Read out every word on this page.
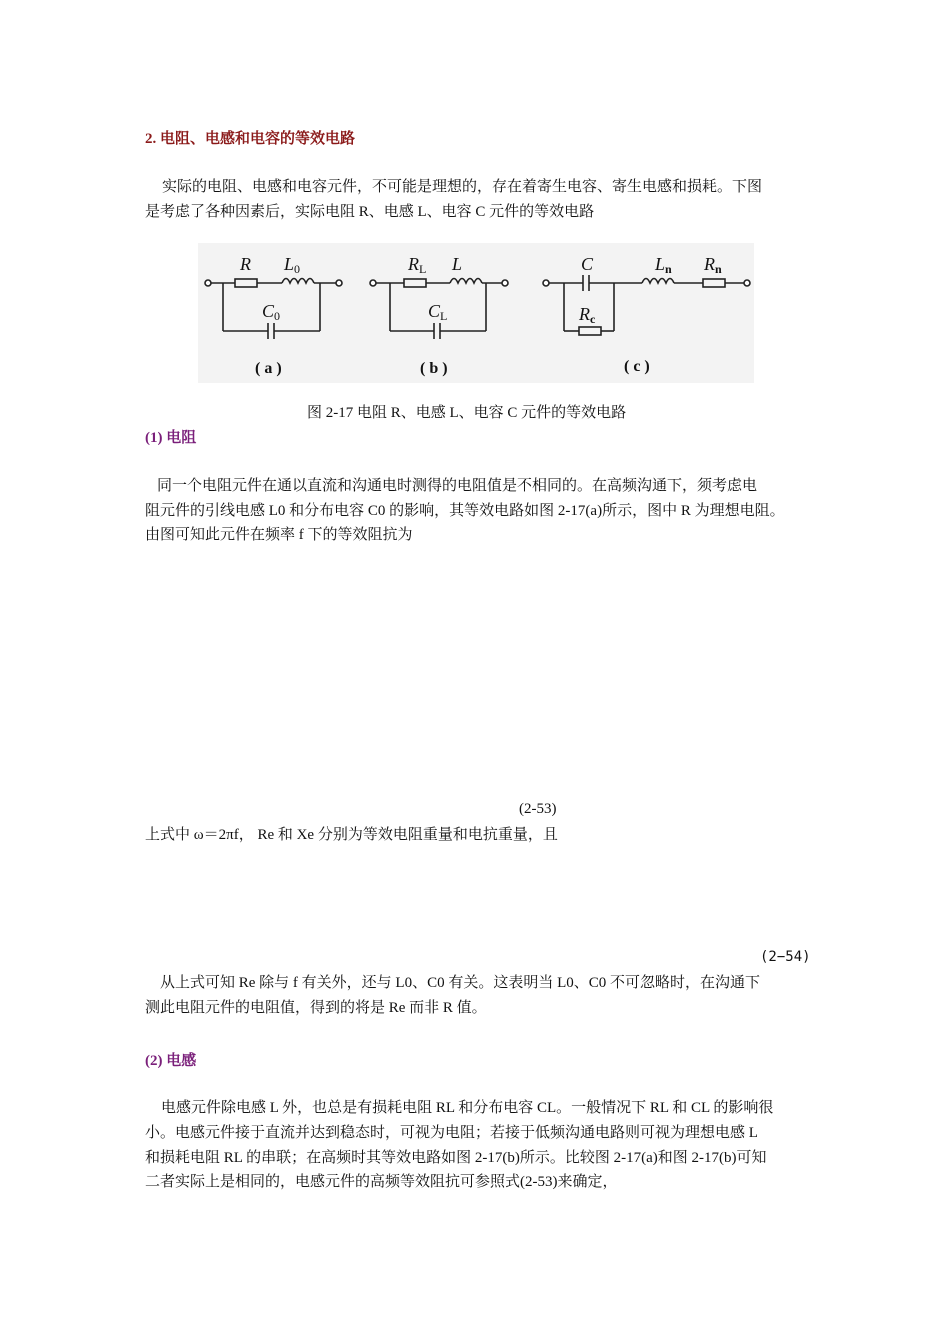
2. 电阻、电感和电容的等效电路
实际的电阻、电感和电容元件，不可能是理想的，存在着寄生电容、寄生电感和损耗。下图
是考虑了各种因素后，实际电阻 R、电感 L、电容 C 元件的等效电路
R L0
C0
( a )
RL L
CL
( b )
C	Ln Rn
Rc
( c )
图 2-17 电阻 R、电感 L、电容 C 元件的等效电路
(1) 电阻
同一个电阻元件在通以直流和沟通电时测得的电阻值是不相同的。在高频沟通下，须考虑电
阻元件的引线电感 L0 和分布电容 C0 的影响，其等效电路如图 2-17(a)所示，图中 R 为理想电阻。
由图可知此元件在频率 f 下的等效阻抗为
(2-53)
上式中 ω＝2πf， Re 和 Xe 分别为等效电阻重量和电抗重量，且
(2−54)
从上式可知 Re 除与 f 有关外，还与 L0、C0 有关。这表明当 L0、C0 不可忽略时，在沟通下
测此电阻元件的电阻值，得到的将是 Re 而非 R 值。
(2) 电感
电感元件除电感 L 外，也总是有损耗电阻 RL 和分布电容 CL。一般情况下 RL 和 CL 的影响很
小。电感元件接于直流并达到稳态时，可视为电阻；若接于低频沟通电路则可视为理想电感 L
和损耗电阻 RL 的串联；在高频时其等效电路如图 2-17(b)所示。比较图 2-17(a)和图 2-17(b)可知
二者实际上是相同的，电感元件的高频等效阻抗可参照式(2-53)来确定，
